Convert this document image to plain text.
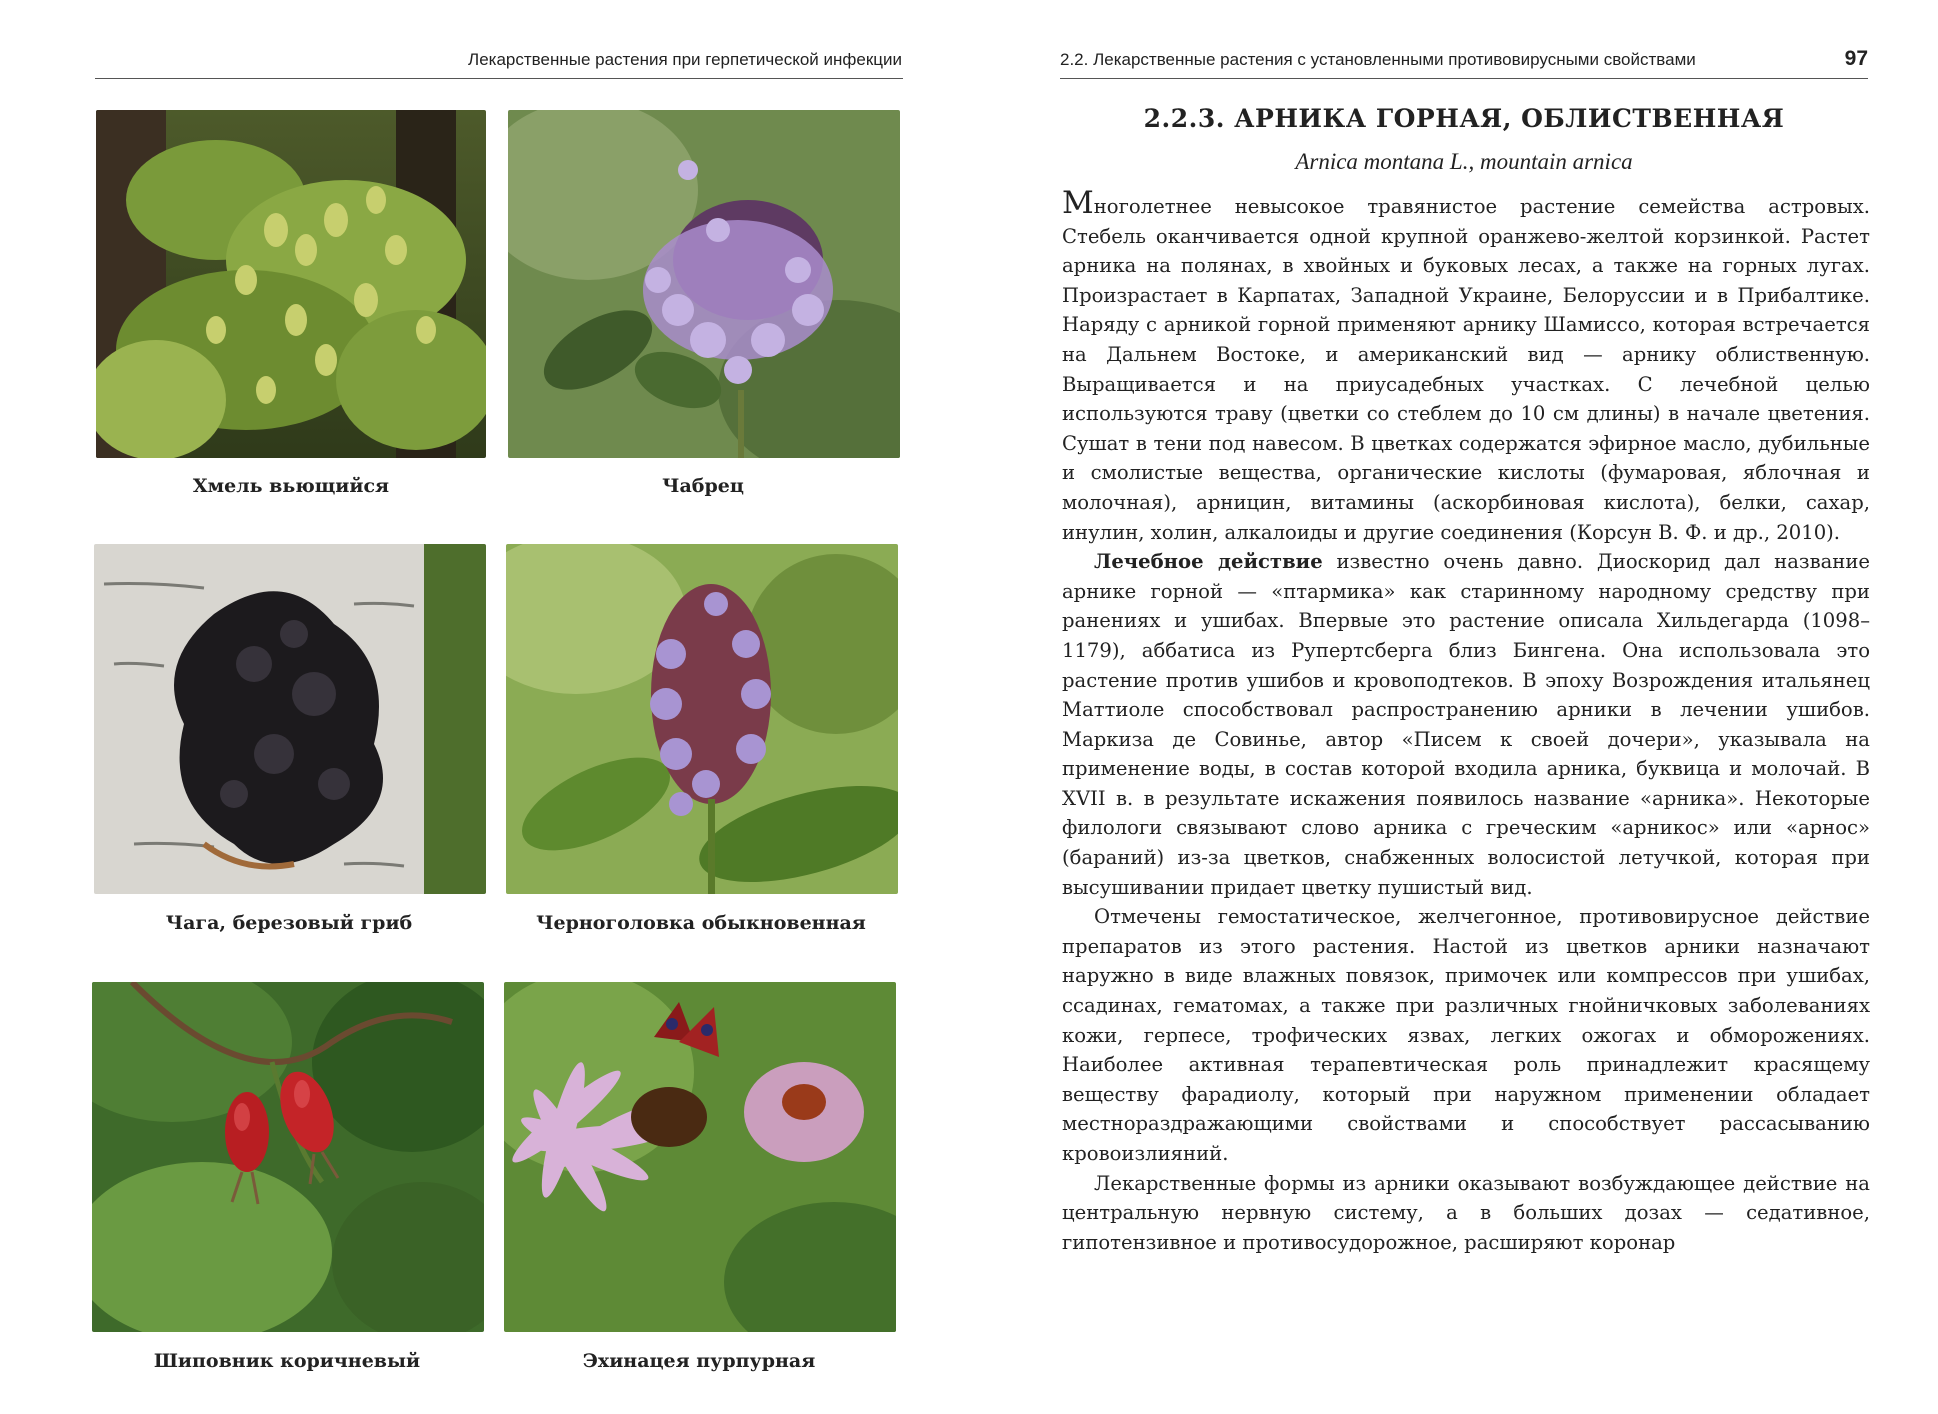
Лекарственные растения при герпетической инфекции
Хмель вьющийся	Чабрец
Чага, березовый гриб	Черноголовка обыкновенная
Шиповник коричневый	Эхинацея пурпурная
2.2. Лекарственные растения с установленными противовирусными свойствами	97
2.2.3. АРНИКА ГОРНАЯ, ОБЛИСТВЕННАЯ
Arnica montana L., mountain arnica

Многолетнее невысокое травянистое растение семейства астровых. Стебель оканчивается одной крупной оранжево-желтой корзинкой. Растет арника на полянах, в хвойных и буковых лесах, а также на горных лугах. Произрастает в Карпатах, Западной Украине, Белоруссии и в Прибалтике. Наряду с арникой горной применяют арнику Шамиссо, которая встречается на Дальнем Востоке, и американский вид — арнику облиственную. Выращивается и на приусадебных участках. С лечебной целью используются траву (цветки со стеблем до 10 см длины) в начале цветения. Сушат в тени под навесом. В цветках содержатся эфирное масло, дубильные и смолистые вещества, органические кислоты (фумаровая, яблочная и молочная), арницин, витамины (аскорбиновая кислота), белки, сахар, инулин, холин, алкалоиды и другие соединения (Корсун В. Ф. и др., 2010).

Лечебное действие известно очень давно. Диоскорид дал название арнике горной — «птармика» как старинному народному средству при ранениях и ушибах. Впервые это растение описала Хильдегарда (1098–1179), аббатиса из Рупертсберга близ Бингена. Она использовала это растение против ушибов и кровоподтеков. В эпоху Возрождения итальянец Маттиоле способствовал распространению арники в лечении ушибов. Маркиза де Совинье, автор «Писем к своей дочери», указывала на применение воды, в состав которой входила арника, буквица и молочай. В XVII в. в результате искажения появилось название «арника». Некоторые филологи связывают слово арника с греческим «арникос» или «арнос» (бараний) из-за цветков, снабженных волосистой летучкой, которая при высушивании придает цветку пушистый вид.

Отмечены гемостатическое, желчегонное, противовирусное действие препаратов из этого растения. Настой из цветков арники назначают наружно в виде влажных повязок, примочек или компрессов при ушибах, ссадинах, гематомах, а также при различных гнойничковых заболеваниях кожи, герпесе, трофических язвах, легких ожогах и обморожениях. Наиболее активная терапевтическая роль принадлежит красящему веществу фарадиолу, который при наружном применении обладает местнораздражающими свойствами и способствует рассасыванию кровоизлияний.

Лекарственные формы из арники оказывают возбуждающее действие на центральную нервную систему, а в больших дозах — седативное, гипотензивное и противосудорожное, расширяют коронар
